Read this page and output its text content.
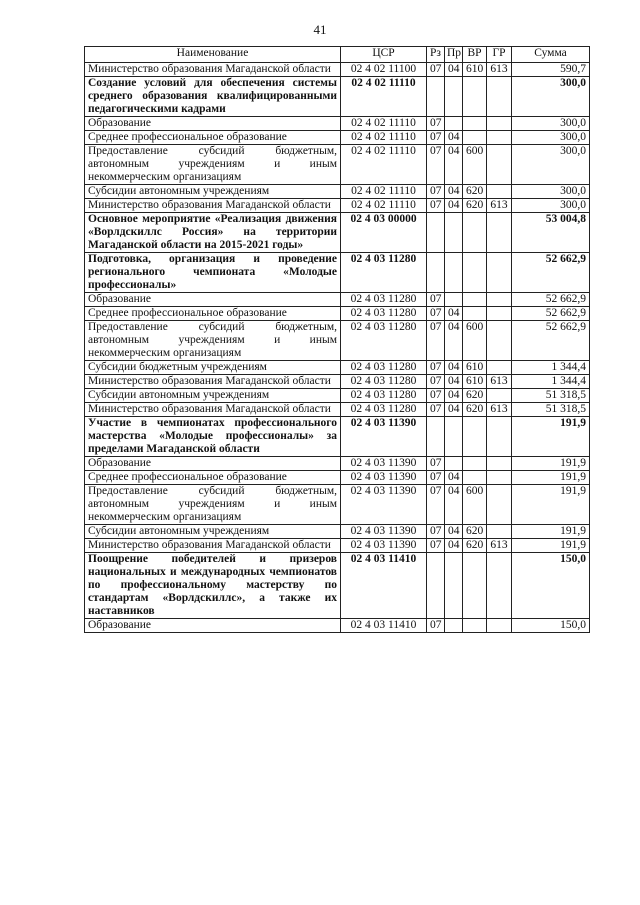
41
Наименование	ЦСР	Рз	Пр	ВР	ГР	Сумма
Министерство образования Магаданской области	02 4 02 11100	07	04	610	613	590,7
Создание условий для обеспечения системы среднего образования квалифицированными педагогическими кадрами	02 4 02 11110					300,0
Образование	02 4 02 11110	07				300,0
Среднее профессиональное образование	02 4 02 11110	07	04			300,0
Предоставление субсидий бюджетным, автономным учреждениям и иным некоммерческим организациям	02 4 02 11110	07	04	600		300,0
Субсидии автономным учреждениям	02 4 02 11110	07	04	620		300,0
Министерство образования Магаданской области	02 4 02 11110	07	04	620	613	300,0
Основное мероприятие «Реализация движения «Ворлдскиллс Россия» на территории Магаданской области на 2015-2021 годы»	02 4 03 00000					53 004,8
Подготовка, организация и проведение регионального чемпионата «Молодые профессионалы»	02 4 03 11280					52 662,9
Образование	02 4 03 11280	07				52 662,9
Среднее профессиональное образование	02 4 03 11280	07	04			52 662,9
Предоставление субсидий бюджетным, автономным учреждениям и иным некоммерческим организациям	02 4 03 11280	07	04	600		52 662,9
Субсидии бюджетным учреждениям	02 4 03 11280	07	04	610		1 344,4
Министерство образования Магаданской области	02 4 03 11280	07	04	610	613	1 344,4
Субсидии автономным учреждениям	02 4 03 11280	07	04	620		51 318,5
Министерство образования Магаданской области	02 4 03 11280	07	04	620	613	51 318,5
Участие в чемпионатах профессионального мастерства «Молодые профессионалы» за пределами Магаданской области	02 4 03 11390					191,9
Образование	02 4 03 11390	07				191,9
Среднее профессиональное образование	02 4 03 11390	07	04			191,9
Предоставление субсидий бюджетным, автономным учреждениям и иным некоммерческим организациям	02 4 03 11390	07	04	600		191,9
Субсидии автономным учреждениям	02 4 03 11390	07	04	620		191,9
Министерство образования Магаданской области	02 4 03 11390	07	04	620	613	191,9
Поощрение победителей и призеров национальных и международных чемпионатов по профессиональному мастерству по стандартам «Ворлдскиллс», а также их наставников	02 4 03 11410					150,0
Образование	02 4 03 11410	07				150,0
